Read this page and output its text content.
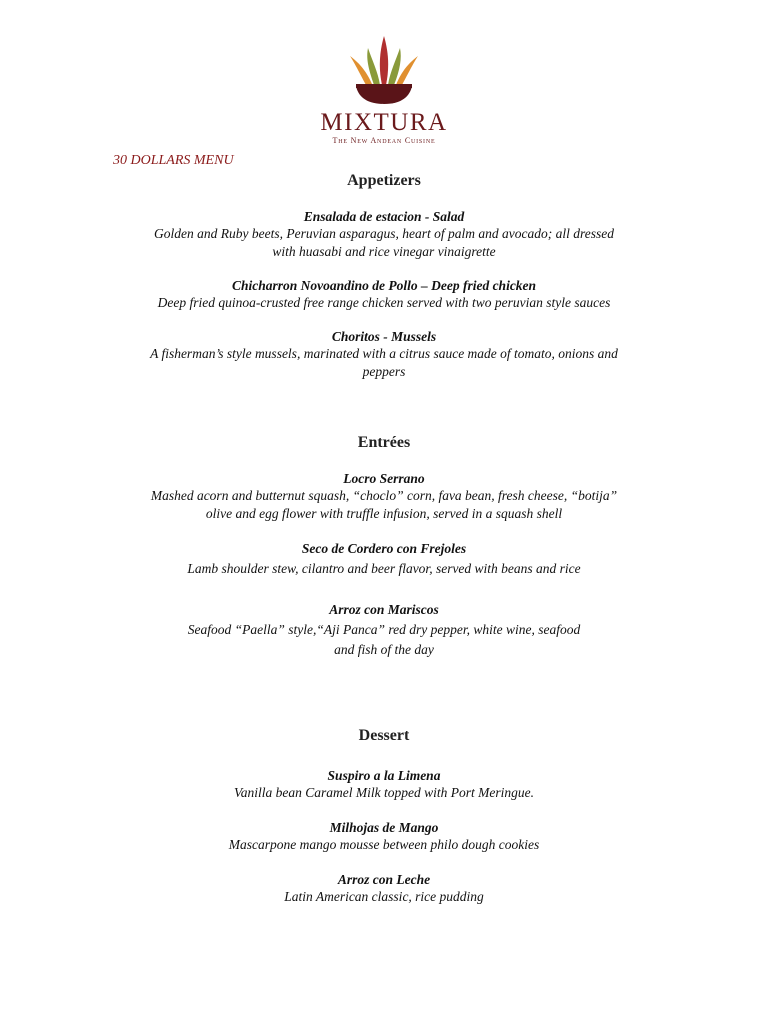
MIXTURA
The New Andean Cuisine
30 DOLLARS MENU
Appetizers
Ensalada de estacion - Salad
Golden and Ruby beets, Peruvian asparagus, heart of palm and avocado; all dressed
with huasabi and rice vinegar vinaigrette
Chicharron Novoandino de Pollo – Deep fried chicken
Deep fried quinoa-crusted free range chicken served with two peruvian style sauces
Choritos - Mussels
A fisherman’s style mussels, marinated with a citrus sauce made of tomato, onions and
peppers
Entrées
Locro Serrano
Mashed acorn and butternut squash, “choclo” corn, fava bean, fresh cheese, “botija”
olive and egg flower with truffle infusion, served in a squash shell
Seco de Cordero con Frejoles
Lamb shoulder stew, cilantro and beer flavor, served with beans and rice
Arroz con Mariscos
Seafood “Paella” style,“Aji Panca” red dry pepper, white wine, seafood
and fish of the day
Dessert
Suspiro a la Limena
Vanilla bean Caramel Milk topped with Port Meringue.
Milhojas de Mango
Mascarpone mango mousse between philo dough cookies
Arroz con Leche
Latin American classic, rice pudding
